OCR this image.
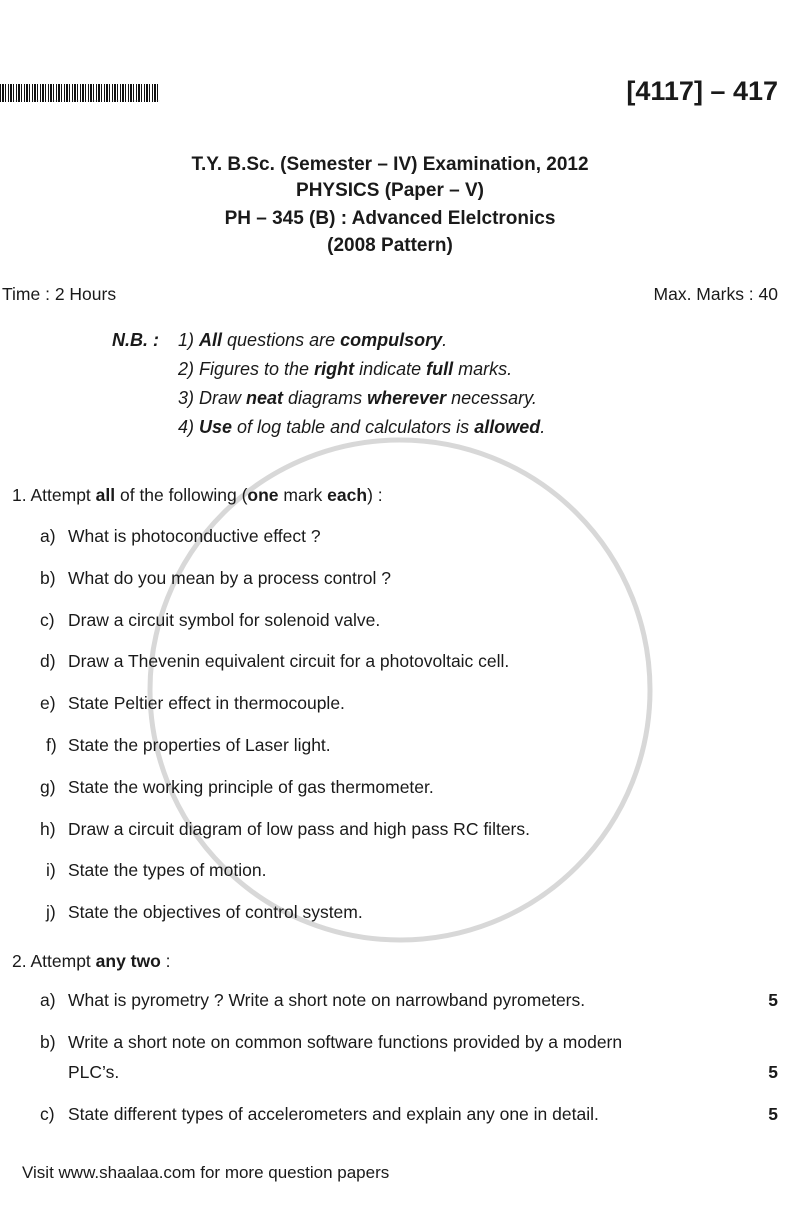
[4117] – 417
T.Y. B.Sc. (Semester – IV) Examination, 2012
PHYSICS (Paper – V)
PH – 345 (B) : Advanced Elelctronics
(2008 Pattern)
Time : 2 Hours	Max. Marks : 40
N.B. :
1. Attempt all of the following (one mark each) :
2. Attempt any two :
Visit www.shaalaa.com for more question papers
1) All questions are compulsory.
2) Figures to the right indicate full marks.
3) Draw neat diagrams wherever necessary.
4) Use of log table and calculators is allowed.
a) What is photoconductive effect ?
b) What do you mean by a process control ?
c) Draw a circuit symbol for solenoid valve.
d) Draw a Thevenin equivalent circuit for a photovoltaic cell.
e) State Peltier effect in thermocouple.
f) State the properties of Laser light.
g) State the working principle of gas thermometer.
h) Draw a circuit diagram of low pass and high pass RC filters.
i) State the types of motion.
j) State the objectives of control system.
a) What is pyrometry ? Write a short note on narrowband pyrometers.	5
b) Write a short note on common software functions provided by a modern
PLC’s.	5
c) State different types of accelerometers and explain any one in detail.	5
